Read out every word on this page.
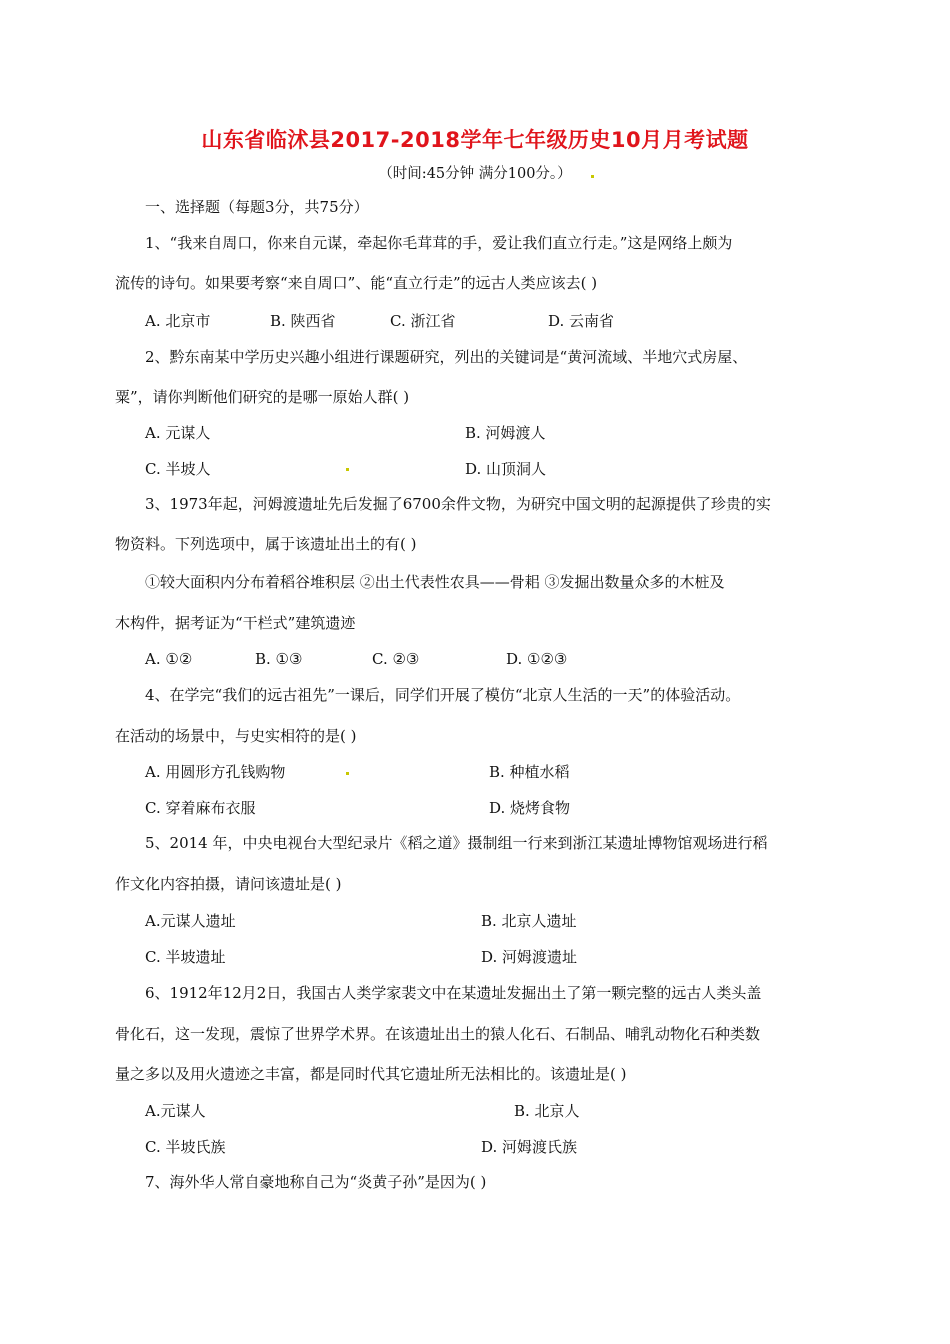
山东省临沭县2017-2018学年七年级历史10月月考试题
（时间:45分钟 满分100分。）
一、选择题（每题3分，共75分）
1、“我来自周口，你来自元谋，牵起你毛茸茸的手，爱让我们直立行走。”这是网络上颇为
流传的诗句。如果要考察“来自周口”、能“直立行走”的远古人类应该去( )
A. 北京市	B. 陕西省	C. 浙江省	D. 云南省
2、黔东南某中学历史兴趣小组进行课题研究，列出的关键词是“黄河流域、半地穴式房屋、
粟”，请你判断他们研究的是哪一原始人群( )
A. 元谋人	B. 河姆渡人
C. 半坡人	D. 山顶洞人
3、1973年起，河姆渡遗址先后发掘了6700余件文物，为研究中国文明的起源提供了珍贵的实
物资料。下列选项中，属于该遗址出土的有( )
①较大面积内分布着稻谷堆积层 ②出土代表性农具——骨耜 ③发掘出数量众多的木桩及
木构件，据考证为“干栏式”建筑遗迹
A. ①②	B. ①③	C. ②③	D. ①②③
4、在学完“我们的远古祖先”一课后，同学们开展了模仿“北京人生活的一天”的体验活动。
在活动的场景中，与史实相符的是( )
A. 用圆形方孔钱购物	B. 种植水稻
C. 穿着麻布衣服	D. 烧烤食物
5、2014 年，中央电视台大型纪录片《稻之道》摄制组一行来到浙江某遗址博物馆观场进行稻
作文化内容拍摄，请问该遗址是( )
A.元谋人遗址	B. 北京人遗址
C. 半坡遗址	D. 河姆渡遗址
6、1912年12月2日，我国古人类学家裴文中在某遗址发掘出土了第一颗完整的远古人类头盖
骨化石，这一发现，震惊了世界学术界。在该遗址出土的猿人化石、石制品、哺乳动物化石种类数
量之多以及用火遗迹之丰富，都是同时代其它遗址所无法相比的。该遗址是( )
A.元谋人	B. 北京人
C. 半坡氏族	D. 河姆渡氏族
7、海外华人常自豪地称自己为“炎黄子孙”是因为( )
